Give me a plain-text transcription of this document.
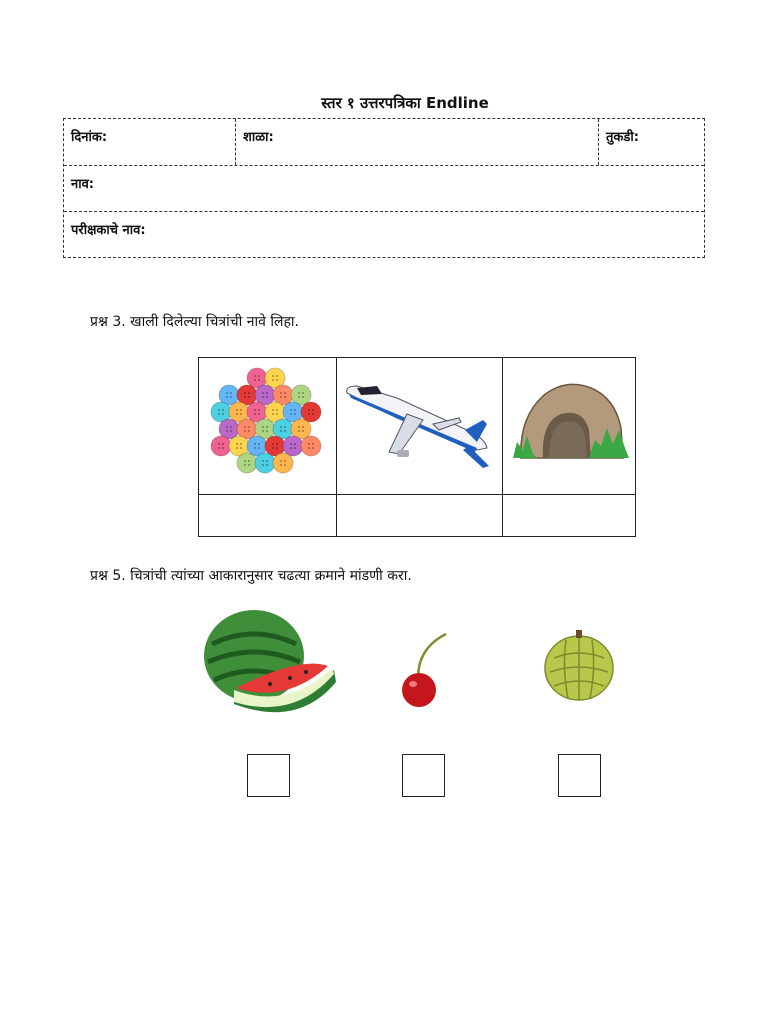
स्तर १ उत्तरपत्रिका Endline
दिनांक:	शाळा:	तुकडी:
नाव:
परीक्षकाचे नाव:
प्रश्न 3. खाली दिलेल्या चित्रांची नावे लिहा.
प्रश्न 5. चित्रांची त्यांच्या आकारानुसार चढत्या क्रमाने मांडणी करा.
